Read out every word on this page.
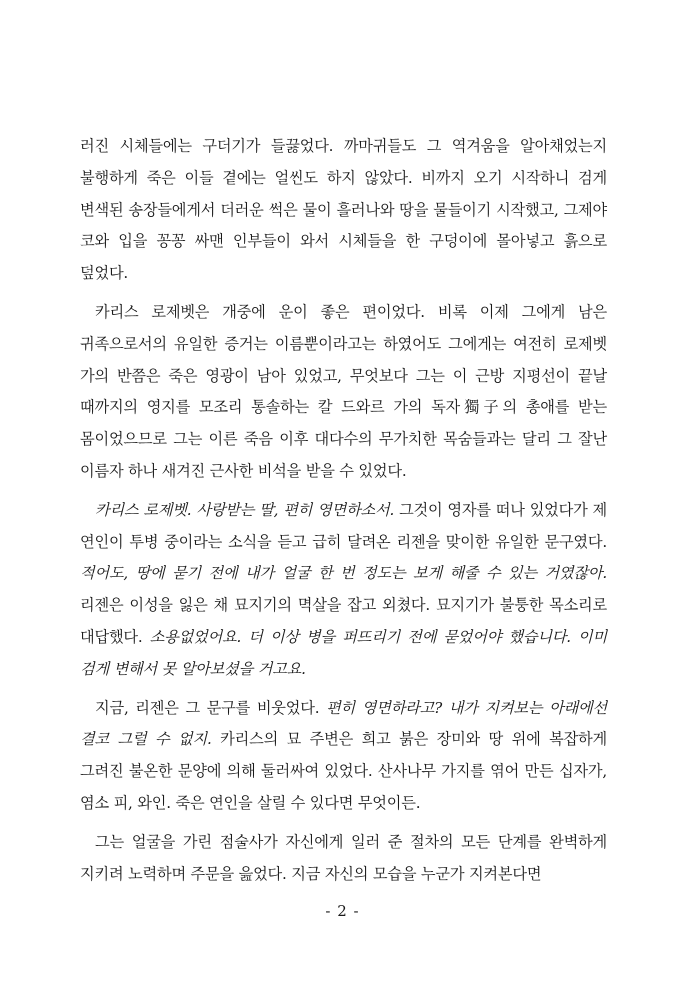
러진 시체들에는 구더기가 들끓었다. 까마귀들도 그 역겨움을 알아채었는지 불행하게 죽은 이들 곁에는 얼씬도 하지 않았다. 비까지 오기 시작하니 검게 변색된 송장들에게서 더러운 썩은 물이 흘러나와 땅을 물들이기 시작했고, 그제야 코와 입을 꽁꽁 싸맨 인부들이 와서 시체들을 한 구덩이에 몰아넣고 흙으로 덮었다.

카리스 로제벳은 개중에 운이 좋은 편이었다. 비록 이제 그에게 남은 귀족으로서의 유일한 증거는 이름뿐이라고는 하였어도 그에게는 여전히 로제벳 가의 반쯤은 죽은 영광이 남아 있었고, 무엇보다 그는 이 근방 지평선이 끝날 때까지의 영지를 모조리 통솔하는 칼 드와르 가의 독자獨子의 총애를 받는 몸이었으므로 그는 이른 죽음 이후 대다수의 무가치한 목숨들과는 달리 그 잘난 이름자 하나 새겨진 근사한 비석을 받을 수 있었다.

카리스 로제벳. 사랑받는 딸, 편히 영면하소서. 그것이 영자를 떠나 있었다가 제 연인이 투병 중이라는 소식을 듣고 급히 달려온 리젠을 맞이한 유일한 문구였다. 적어도, 땅에 묻기 전에 내가 얼굴 한 번 정도는 보게 해줄 수 있는 거였잖아. 리젠은 이성을 잃은 채 묘지기의 멱살을 잡고 외쳤다. 묘지기가 불퉁한 목소리로 대답했다. 소용없었어요. 더 이상 병을 퍼뜨리기 전에 묻었어야 했습니다. 이미 검게 변해서 못 알아보셨을 거고요.

지금, 리젠은 그 문구를 비웃었다. 편히 영면하라고? 내가 지켜보는 아래에선 결코 그럴 수 없지. 카리스의 묘 주변은 희고 붉은 장미와 땅 위에 복잡하게 그려진 불온한 문양에 의해 둘러싸여 있었다. 산사나무 가지를 엮어 만든 십자가, 염소 피, 와인. 죽은 연인을 살릴 수 있다면 무엇이든.

그는 얼굴을 가린 점술사가 자신에게 일러 준 절차의 모든 단계를 완벽하게 지키려 노력하며 주문을 읊었다. 지금 자신의 모습을 누군가 지켜본다면

- 2 -
